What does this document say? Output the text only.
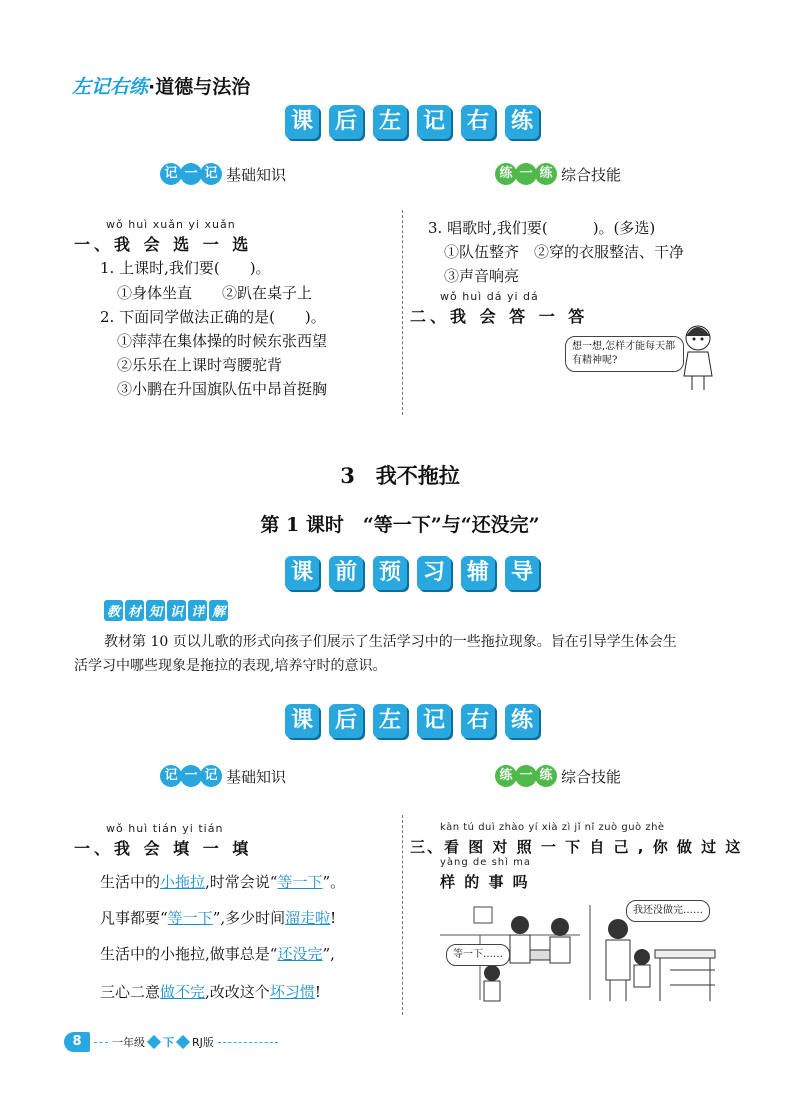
左记右练·道德与法治
课 后 左 记 右 练
记 一 记 基础知识	练 一 练 综合技能
wǒ huì xuǎn yi xuǎn
一、我 会 选 一 选
1. 上课时,我们要(　　)。
①身体坐直　　②趴在桌子上
2. 下面同学做法正确的是(　　)。
①萍萍在集体操的时候东张西望
②乐乐在上课时弯腰驼背
③小鹏在升国旗队伍中昂首挺胸
3. 唱歌时,我们要(　　　)。(多选)
①队伍整齐　②穿的衣服整洁、干净
③声音响亮
wǒ huì dá yi dá
二、我 会 答 一 答
想一想,怎样才能每天都有精神呢?
3　我不拖拉
第 1 课时　“等一下”与“还没完”
课 前 预 习 辅 导
教 材 知 识 详 解
教材第 10 页以儿歌的形式向孩子们展示了生活学习中的一些拖拉现象。旨在引导学生体会生
活学习中哪些现象是拖拉的表现,培养守时的意识。
课 后 左 记 右 练
记 一 记 基础知识	练 一 练 综合技能
wǒ huì tián yi tián
一、我 会 填 一 填
生活中的小拖拉,时常会说“等一下”。
凡事都要“等一下”,多少时间溜走啦!
生活中的小拖拉,做事总是“还没完”,
三心二意做不完,改改这个坏习惯!
kàn tú duì zhào yí xià zì jǐ nǐ zuò guò zhè
三、看 图 对 照 一 下 自 己 , 你 做 过 这
yàng de shì ma
样 的 事 吗
等一下……
我还没做完……
8	一年级 下 RJ版
